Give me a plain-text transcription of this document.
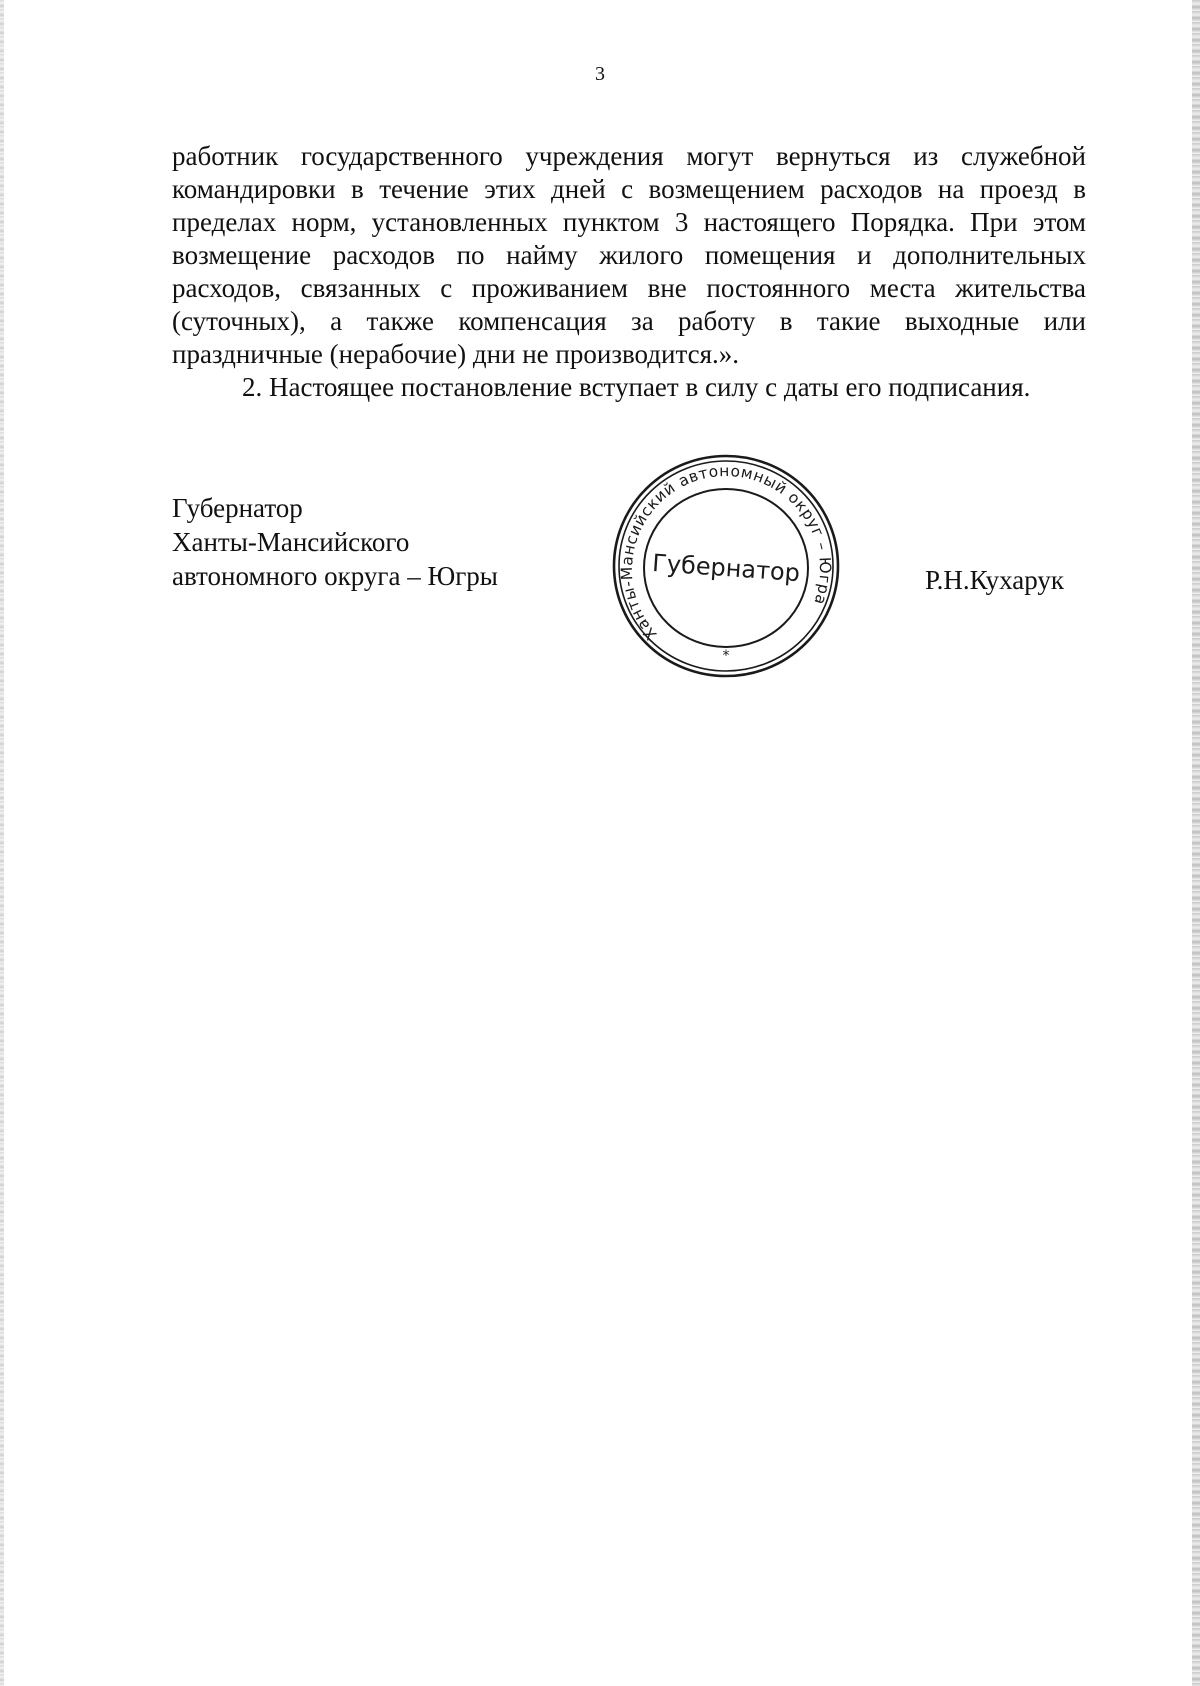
3
работник государственного учреждения могут вернуться из служебной
командировки в течение этих дней с возмещением расходов на проезд в
пределах норм, установленных пунктом 3 настоящего Порядка. При этом
возмещение расходов по найму жилого помещения и дополнительных
расходов, связанных с проживанием вне постоянного места жительства
(суточных), а также компенсация за работу в такие выходные или
праздничные (нерабочие) дни не производится.».
2. Настоящее постановление вступает в силу с даты его подписания.
Губернатор
Ханты-Мансийского
автономного округа – Югры
Ханты-Мансийский автономный округ – Югра
Губернатор
*
Р.Н.Кухарук
